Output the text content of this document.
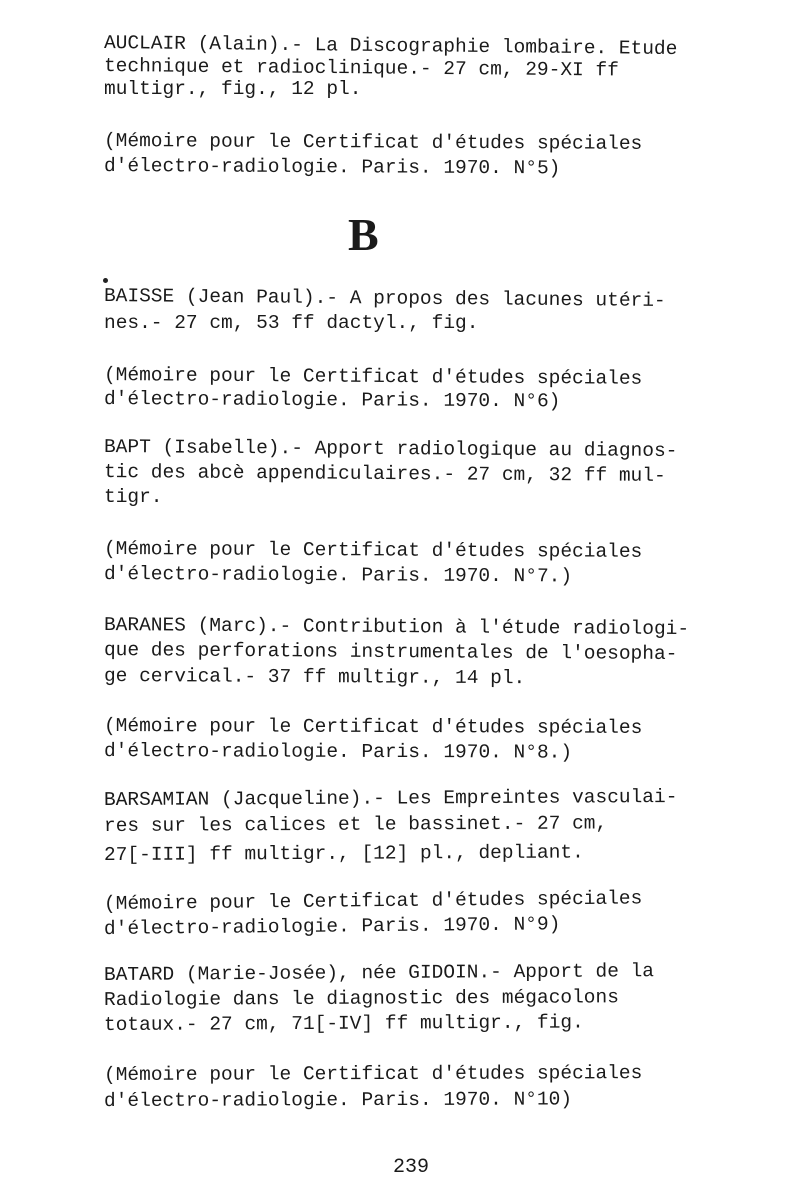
AUCLAIR (Alain).- La Discographie lombaire. Etude
technique et radioclinique.- 27 cm, 29-XI ff
multigr., fig., 12 pl.
(Mémoire pour le Certificat d'études spéciales
d'électro-radiologie. Paris. 1970. N°5)
B
BAISSE (Jean Paul).- A propos des lacunes utéri-
nes.- 27 cm, 53 ff dactyl., fig.
(Mémoire pour le Certificat d'études spéciales
d'électro-radiologie. Paris. 1970. N°6)
BAPT (Isabelle).- Apport radiologique au diagnos-
tic des abcè appendiculaires.- 27 cm, 32 ff mul-
tigr.
(Mémoire pour le Certificat d'études spéciales
d'électro-radiologie. Paris. 1970. N°7.)
BARANES (Marc).- Contribution à l'étude radiologi-
que des perforations instrumentales de l'oesopha-
ge cervical.- 37 ff multigr., 14 pl.
(Mémoire pour le Certificat d'études spéciales
d'électro-radiologie. Paris. 1970. N°8.)
BARSAMIAN (Jacqueline).- Les Empreintes vasculai-
res sur les calices et le bassinet.- 27 cm,
27[-III] ff multigr., [12] pl., depliant.
(Mémoire pour le Certificat d'études spéciales
d'électro-radiologie. Paris. 1970. N°9)
BATARD (Marie-Josée), née GIDOIN.- Apport de la
Radiologie dans le diagnostic des mégacolons
totaux.- 27 cm, 71[-IV] ff multigr., fig.
(Mémoire pour le Certificat d'études spéciales
d'électro-radiologie. Paris. 1970. N°10)
239
